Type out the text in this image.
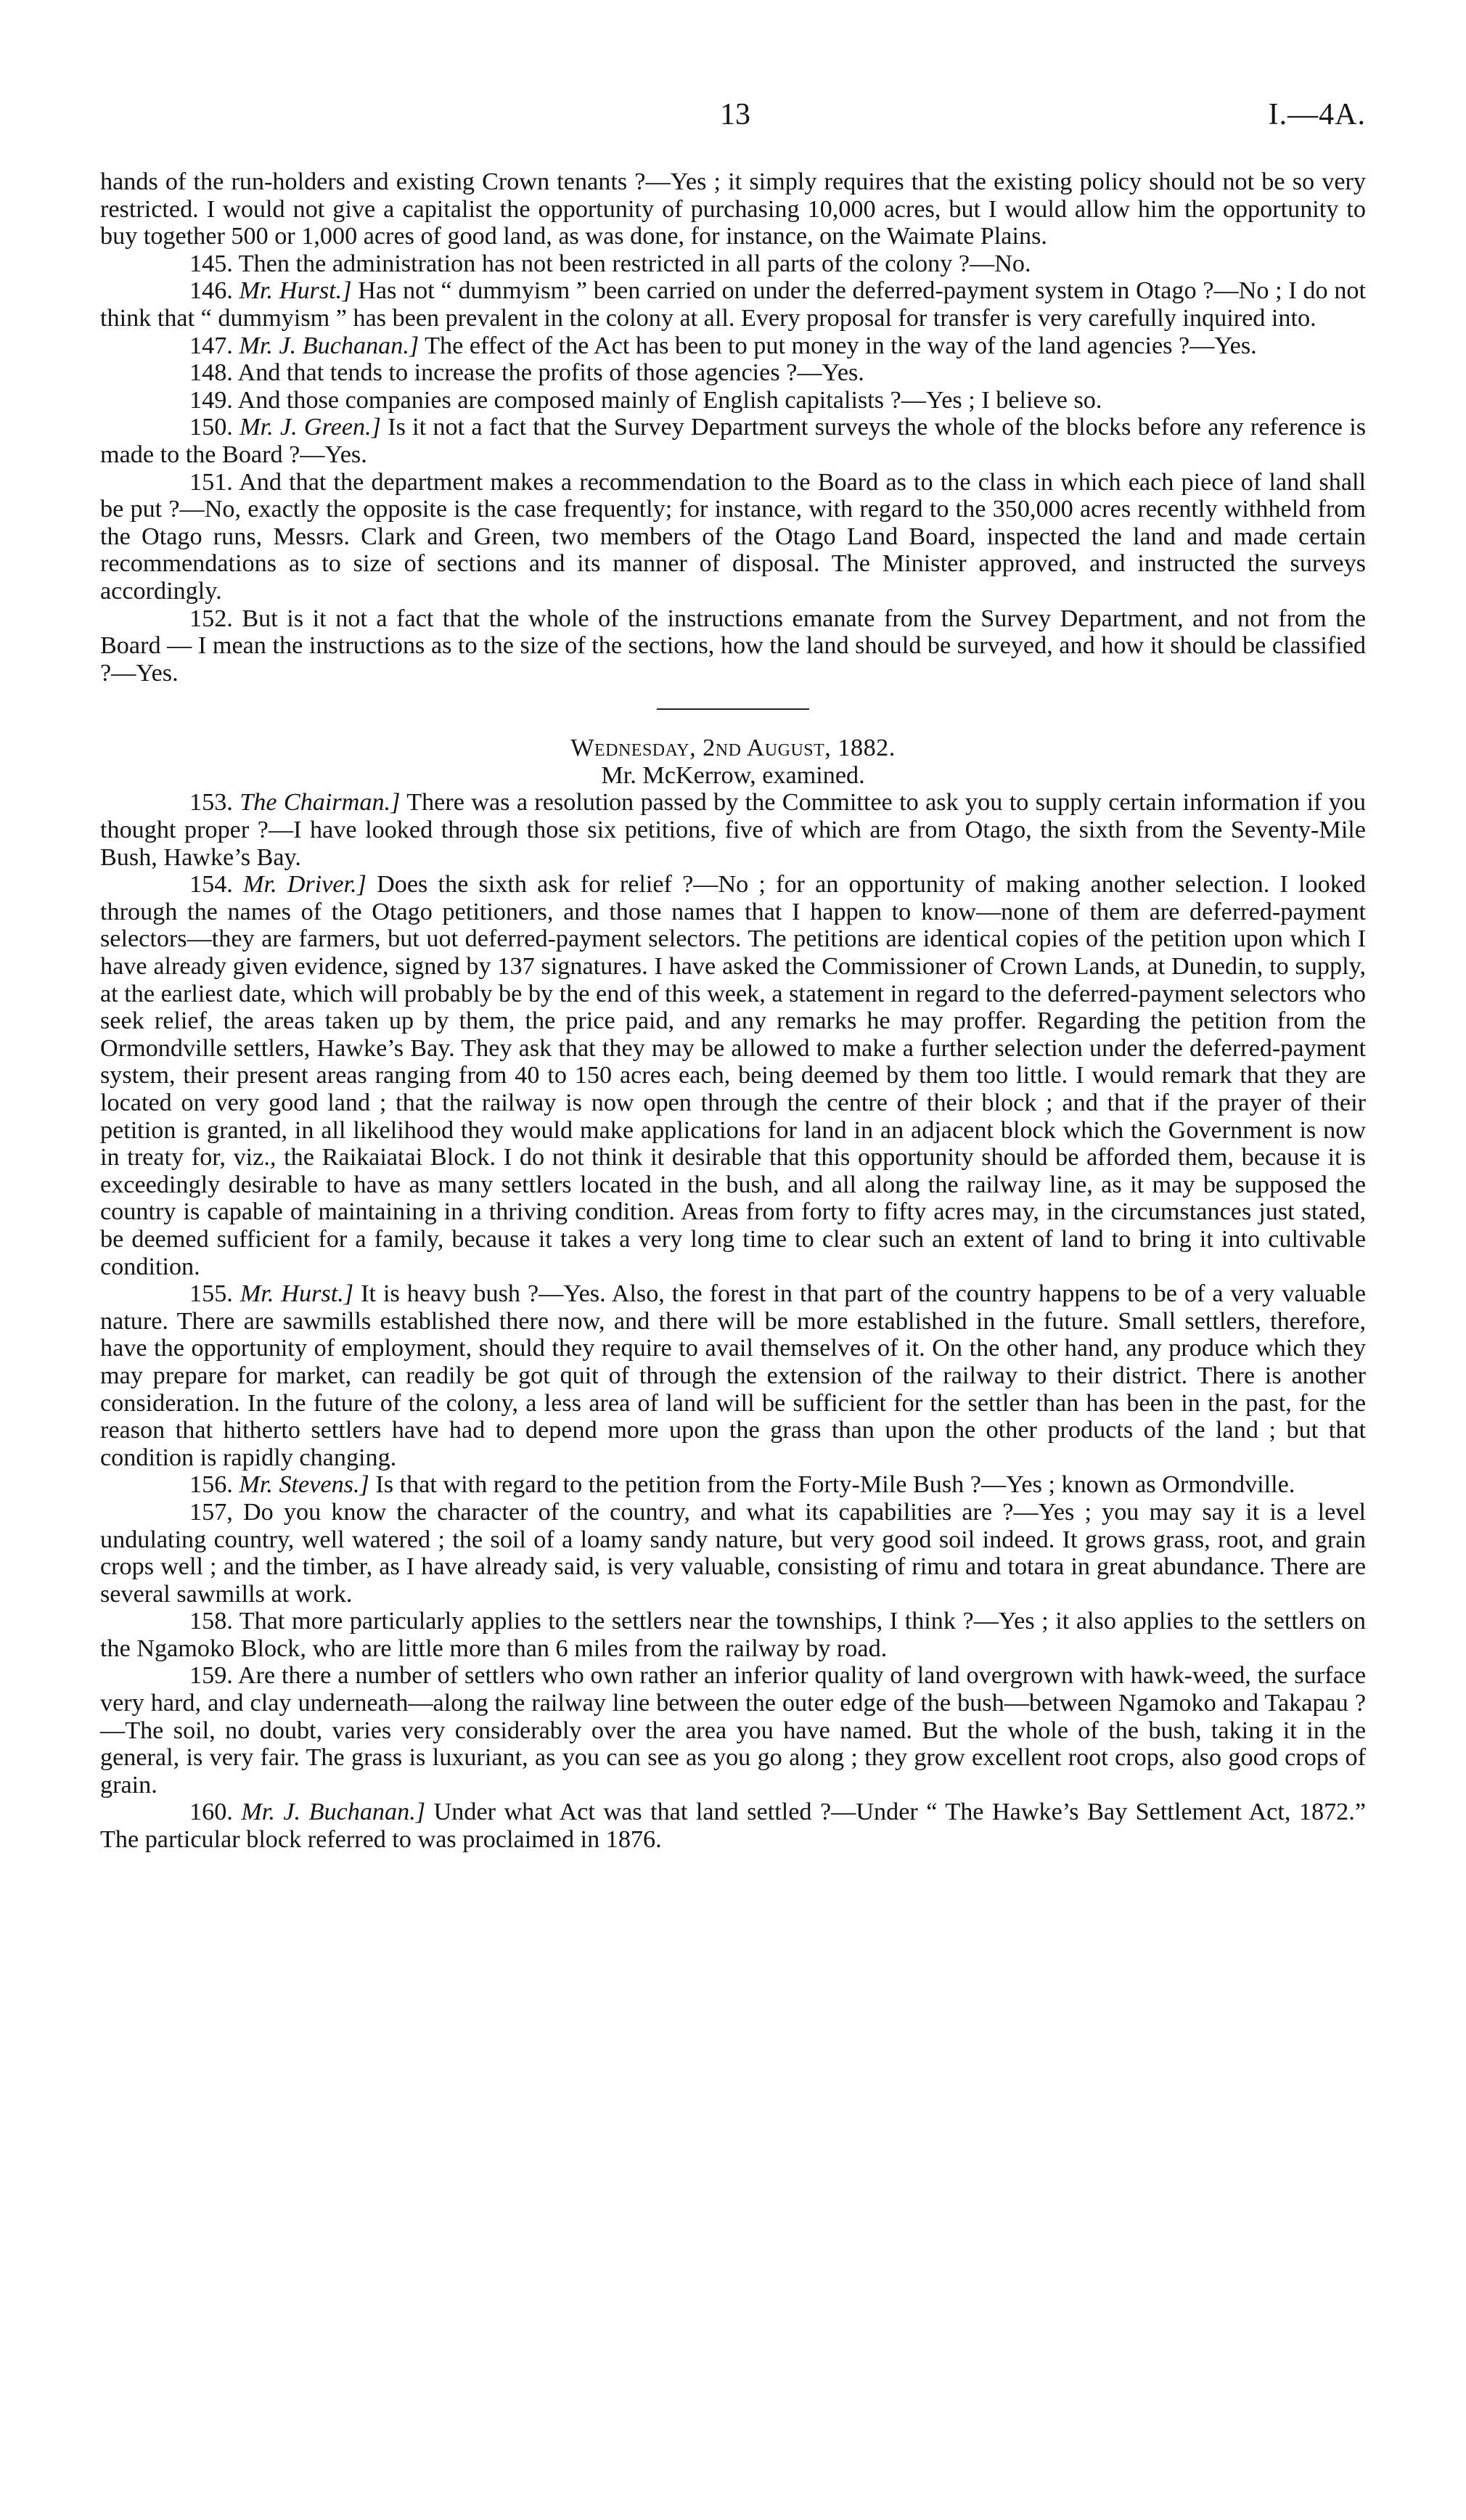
13	I.—4A.

hands of the run-holders and existing Crown tenants ?—Yes ; it simply requires that the existing policy should not be so very restricted. I would not give a capitalist the opportunity of purchasing 10,000 acres, but I would allow him the opportunity to buy together 500 or 1,000 acres of good land, as was done, for instance, on the Waimate Plains.

145. Then the administration has not been restricted in all parts of the colony ?—No.

146. Mr. Hurst.] Has not “ dummyism ” been carried on under the deferred-payment system in Otago ?—No ; I do not think that “ dummyism ” has been prevalent in the colony at all. Every proposal for transfer is very carefully inquired into.

147. Mr. J. Buchanan.] The effect of the Act has been to put money in the way of the land agencies ?—Yes.

148. And that tends to increase the profits of those agencies ?—Yes.

149. And those companies are composed mainly of English capitalists ?—Yes ; I believe so.

150. Mr. J. Green.] Is it not a fact that the Survey Department surveys the whole of the blocks before any reference is made to the Board ?—Yes.

151. And that the department makes a recommendation to the Board as to the class in which each piece of land shall be put ?—No, exactly the opposite is the case frequently; for instance, with regard to the 350,000 acres recently withheld from the Otago runs, Messrs. Clark and Green, two members of the Otago Land Board, inspected the land and made certain recommendations as to size of sections and its manner of disposal. The Minister approved, and instructed the surveys accordingly.

152. But is it not a fact that the whole of the instructions emanate from the Survey Department, and not from the Board — I mean the instructions as to the size of the sections, how the land should be surveyed, and how it should be classified ?—Yes.

Wednesday, 2nd August, 1882.

Mr. McKerrow, examined.

153. The Chairman.] There was a resolution passed by the Committee to ask you to supply certain information if you thought proper ?—I have looked through those six petitions, five of which are from Otago, the sixth from the Seventy-Mile Bush, Hawke’s Bay.

154. Mr. Driver.] Does the sixth ask for relief ?—No ; for an opportunity of making another selection. I looked through the names of the Otago petitioners, and those names that I happen to know—none of them are deferred-payment selectors—they are farmers, but uot deferred-payment selectors. The petitions are identical copies of the petition upon which I have already given evidence, signed by 137 signatures. I have asked the Commissioner of Crown Lands, at Dunedin, to supply, at the earliest date, which will probably be by the end of this week, a statement in regard to the deferred-payment selectors who seek relief, the areas taken up by them, the price paid, and any remarks he may proffer. Regarding the petition from the Ormondville settlers, Hawke’s Bay. They ask that they may be allowed to make a further selection under the deferred-payment system, their present areas ranging from 40 to 150 acres each, being deemed by them too little. I would remark that they are located on very good land ; that the railway is now open through the centre of their block ; and that if the prayer of their petition is granted, in all likelihood they would make applications for land in an adjacent block which the Government is now in treaty for, viz., the Raikaiatai Block. I do not think it desirable that this opportunity should be afforded them, because it is exceedingly desirable to have as many settlers located in the bush, and all along the railway line, as it may be supposed the country is capable of maintaining in a thriving condition. Areas from forty to fifty acres may, in the circumstances just stated, be deemed sufficient for a family, because it takes a very long time to clear such an extent of land to bring it into cultivable condition.

155. Mr. Hurst.] It is heavy bush ?—Yes. Also, the forest in that part of the country happens to be of a very valuable nature. There are sawmills established there now, and there will be more established in the future. Small settlers, therefore, have the opportunity of employment, should they require to avail themselves of it. On the other hand, any produce which they may prepare for market, can readily be got quit of through the extension of the railway to their district. There is another consideration. In the future of the colony, a less area of land will be sufficient for the settler than has been in the past, for the reason that hitherto settlers have had to depend more upon the grass than upon the other products of the land ; but that condition is rapidly changing.

156. Mr. Stevens.] Is that with regard to the petition from the Forty-Mile Bush ?—Yes ; known as Ormondville.

157, Do you know the character of the country, and what its capabilities are ?—Yes ; you may say it is a level undulating country, well watered ; the soil of a loamy sandy nature, but very good soil indeed. It grows grass, root, and grain crops well ; and the timber, as I have already said, is very valuable, consisting of rimu and totara in great abundance. There are several sawmills at work.

158. That more particularly applies to the settlers near the townships, I think ?—Yes ; it also applies to the settlers on the Ngamoko Block, who are little more than 6 miles from the railway by road.

159. Are there a number of settlers who own rather an inferior quality of land overgrown with hawk-weed, the surface very hard, and clay underneath—along the railway line between the outer edge of the bush—between Ngamoko and Takapau ?—The soil, no doubt, varies very considerably over the area you have named. But the whole of the bush, taking it in the general, is very fair. The grass is luxuriant, as you can see as you go along ; they grow excellent root crops, also good crops of grain.

160. Mr. J. Buchanan.] Under what Act was that land settled ?—Under “ The Hawke’s Bay Settlement Act, 1872.” The particular block referred to was proclaimed in 1876.
